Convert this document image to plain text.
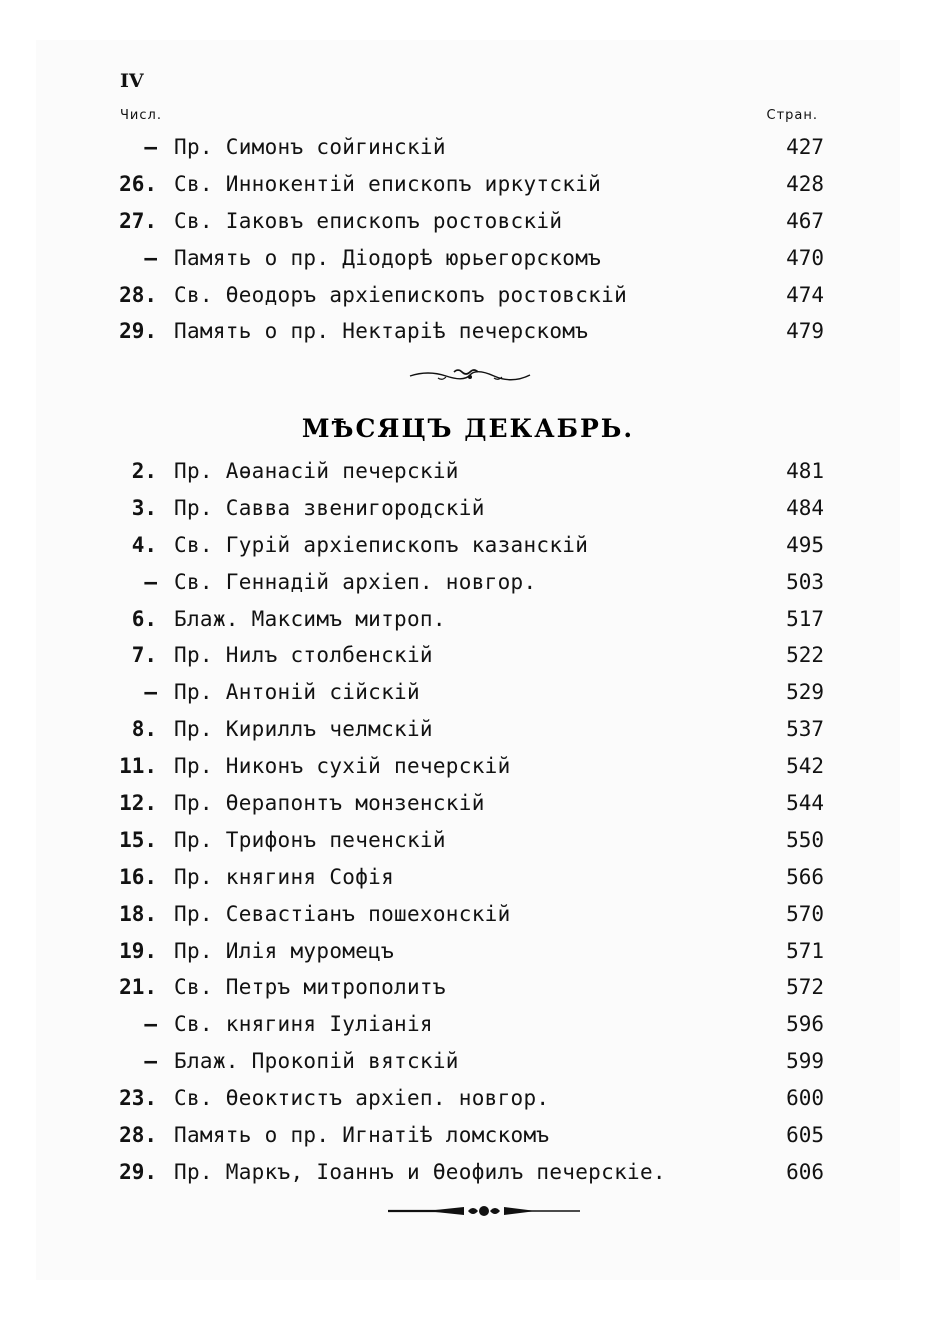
IV
Числ.	Стран.
— Пр. Симонъ сойгинскій	427
26. Св. Иннокентій епископъ иркутскій	428
27. Св. Іаковъ епископъ ростовскій	467
— Память о пр. Діодорѣ юрьегорскомъ	470
28. Св. Өеодоръ архіепископъ ростовскій	474
29. Память о пр. Нектаріѣ печерскомъ	479
МѢСЯЦЪ ДЕКАБРЬ.
2. Пр. Аөанасій печерскій	481
3. Пр. Савва звенигородскій	484
4. Св. Гурій архіепископъ казанскій	495
— Св. Геннадій архіеп. новгор.	503
6. Блаж. Максимъ митроп.	517
7. Пр. Нилъ столбенскій	522
— Пр. Антоній сійскій	529
8. Пр. Кириллъ челмскій	537
11. Пр. Никонъ сухій печерскій	542
12. Пр. Өерапонтъ монзенскій	544
15. Пр. Трифонъ печенскій	550
16. Пр. княгиня Софія	566
18. Пр. Севастіанъ пошехонскій	570
19. Пр. Илія муромецъ	571
21. Св. Петръ митрополитъ	572
— Св. княгиня Іуліанія	596
— Блаж. Прокопій вятскій	599
23. Св. Өеоктистъ архіеп. новгор.	600
28. Память о пр. Игнатіѣ ломскомъ	605
29. Пр. Маркъ, Іоаннъ и Өеофилъ печерскіе.	606
